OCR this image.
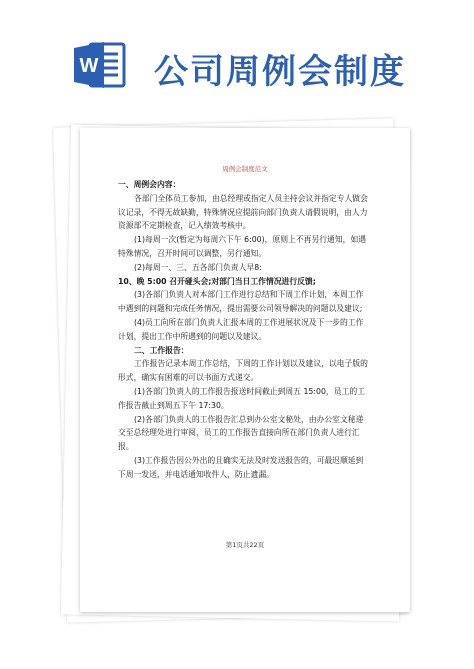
W 公司周例会制度
周例会制度范文

一、周例会内容：

各部门全体员工参加，由总经理或指定人员主持会议并指定专人做会议记录，不得无故缺勤，特殊情况应提前向部门负责人请假说明，由人力资源部不定期检查，记入绩效考核中。

(1)每周一次(暂定为每周六下午 6:00)，原则上不再另行通知，如遇特殊情况，召开时间可以调整，另行通知。

(2)每周一、三、五各部门负责人早8:

10、晚 5:00 召开碰头会;对部门当日工作情况进行反馈;

(3)各部门负责人对本部门工作进行总结和下周工作计划，本周工作中遇到的问题和完成任务情况，提出需要公司领导解决的问题以及建议;

(4)员工向所在部门负责人汇报本周的工作进展状况及下一步的工作计划，提出工作中所遇到的问题以及建议。

二、工作报告：

工作报告记录本周工作总结，下周的工作计划以及建议，以电子版的形式，确实有困难的可以书面方式递交。

(1)各部门负责人的工作报告报送时间截止到周五 15:00，员工的工作报告截止到周五下午 17:30。

(2)各部门负责人的工作报告汇总到办公室文秘处，由办公室文秘递交至总经理处进行审阅，员工的工作报告直接向所在部门负责人进行汇报。

(3)工作报告因公外出的且确实无法及时发送报告的，可最迟顺延到下周一发送，并电话通知收件人，防止遗漏。

第1页共22页
